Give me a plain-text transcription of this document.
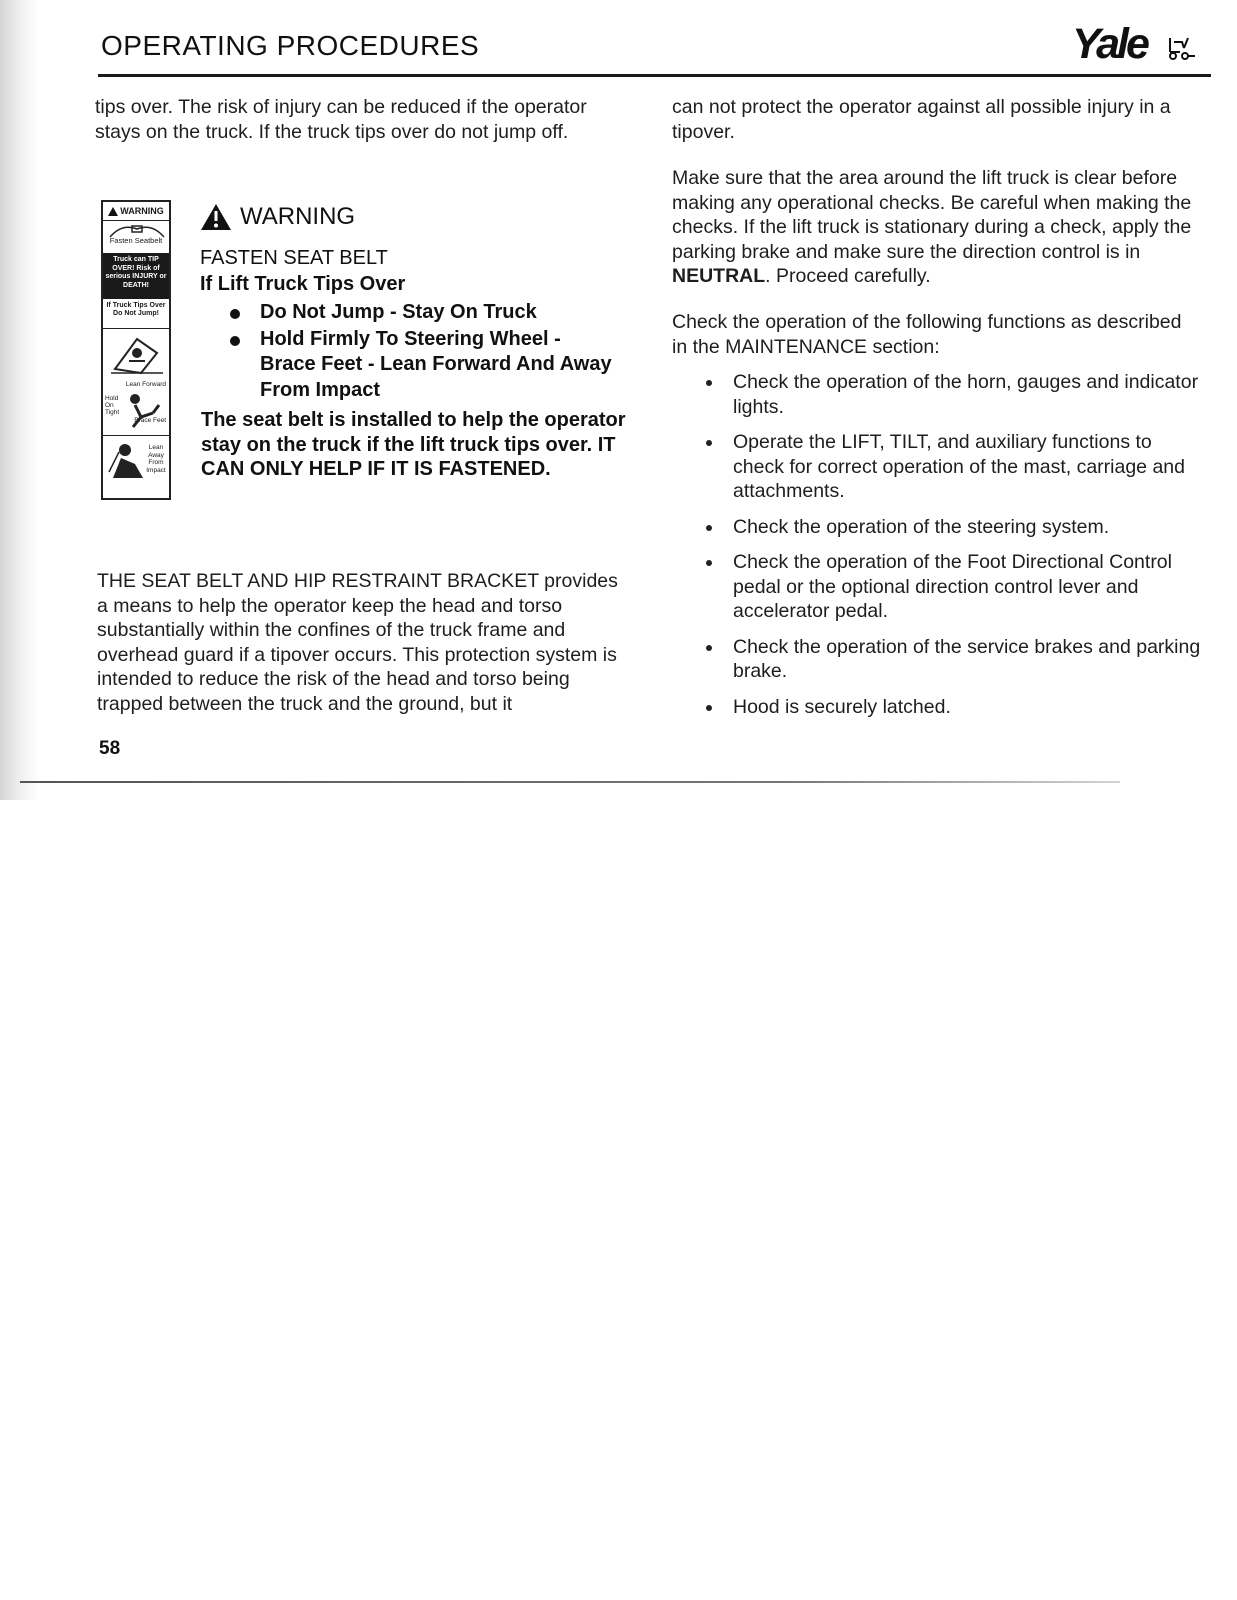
OPERATING PROCEDURES	Yale

tips over. The risk of injury can be reduced if the operator stays on the truck. If the truck tips over do not jump off.

WARNING
Fasten Seatbelt
Truck can TIP OVER! Risk of serious INJURY or DEATH!
If Truck Tips Over Do Not Jump!
Lean Forward
Hold On Tight
Brace Feet
Lean Away From Impact
WARNING

FASTEN SEAT BELT

If Lift Truck Tips Over

Do Not Jump - Stay On Truck
Hold Firmly To Steering Wheel - Brace Feet - Lean Forward And Away From Impact

The seat belt is installed to help the operator stay on the truck if the lift truck tips over. IT CAN ONLY HELP IF IT IS FASTENED.

THE SEAT BELT AND HIP RESTRAINT BRACKET provides a means to help the operator keep the head and torso substantially within the confines of the truck frame and overhead guard if a tipover occurs. This protection system is intended to reduce the risk of the head and torso being trapped between the truck and the ground, but it

can not protect the operator against all possible injury in a tipover.

Make sure that the area around the lift truck is clear before making any operational checks. Be careful when making the checks. If the lift truck is stationary during a check, apply the parking brake and make sure the direction control is in NEUTRAL. Proceed carefully.

Check the operation of the following functions as described in the MAINTENANCE section:

Check the operation of the horn, gauges and indicator lights.
Operate the LIFT, TILT, and auxiliary functions to check for correct operation of the mast, carriage and attachments.
Check the operation of the steering system.
Check the operation of the Foot Directional Control pedal or the optional direction control lever and accelerator pedal.
Check the operation of the service brakes and parking brake.
Hood is securely latched.

58
